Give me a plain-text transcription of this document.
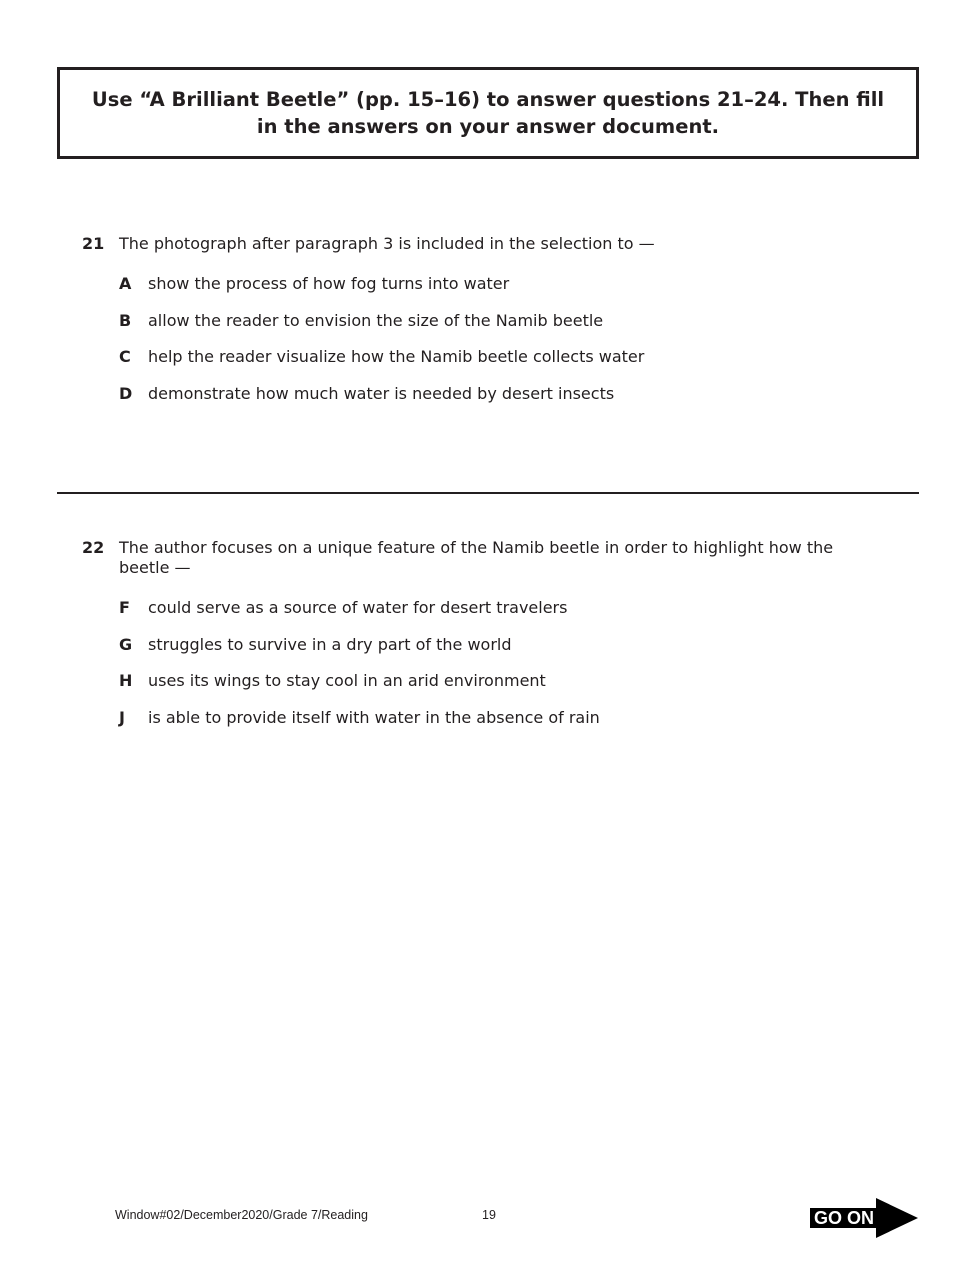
Use “A Brilliant Beetle” (pp. 15–16) to answer questions 21–24. Then fill
in the answers on your answer document.
21 The photograph after paragraph 3 is included in the selection to —
A	show the process of how fog turns into water
B	allow the reader to envision the size of the Namib beetle
C	help the reader visualize how the Namib beetle collects water
D demonstrate how much water is needed by desert insects
22 The author focuses on a unique feature of the Namib beetle in order to highlight how the beetle —
F	could serve as a source of water for desert travelers
G struggles to survive in a dry part of the world
H uses its wings to stay cool in an arid environment
J	is able to provide itself with water in the absence of rain
Window#02/December2020/Grade 7/Reading	19	GO ON
